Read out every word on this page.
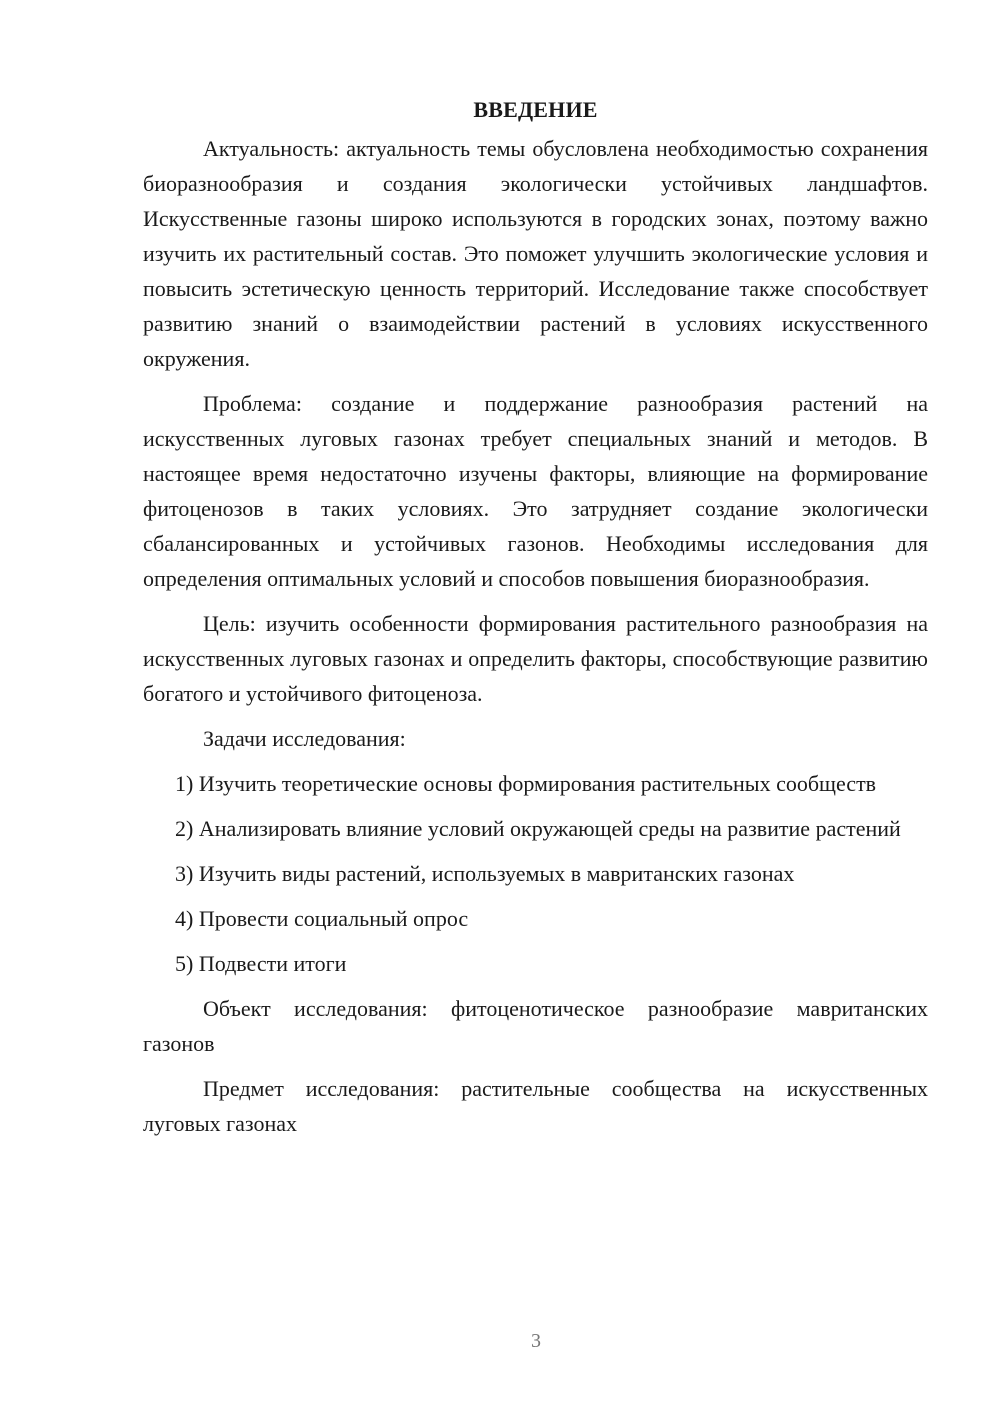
ВВЕДЕНИЕ

Актуальность: актуальность темы обусловлена необходимостью сохранения биоразнообразия и создания экологически устойчивых ландшафтов. Искусственные газоны широко используются в городских зонах, поэтому важно изучить их растительный состав. Это поможет улучшить экологические условия и повысить эстетическую ценность территорий. Исследование также способствует развитию знаний о взаимодействии растений в условиях искусственного окружения.

Проблема: создание и поддержание разнообразия растений на искусственных луговых газонах требует специальных знаний и методов. В настоящее время недостаточно изучены факторы, влияющие на формирование фитоценозов в таких условиях. Это затрудняет создание экологически сбалансированных и устойчивых газонов. Необходимы исследования для определения оптимальных условий и способов повышения биоразнообразия.

Цель: изучить особенности формирования растительного разнообразия на искусственных луговых газонах и определить факторы, способствующие развитию богатого и устойчивого фитоценоза.

Задачи исследования:

1) Изучить теоретические основы формирования растительных сообществ

2) Анализировать влияние условий окружающей среды на развитие растений

3) Изучить виды растений, используемых в мавританских газонах

4) Провести социальный опрос

5) Подвести итоги

Объект исследования: фитоценотическое разнообразие мавританских газонов

Предмет исследования: растительные сообщества на искусственных луговых газонах

3
